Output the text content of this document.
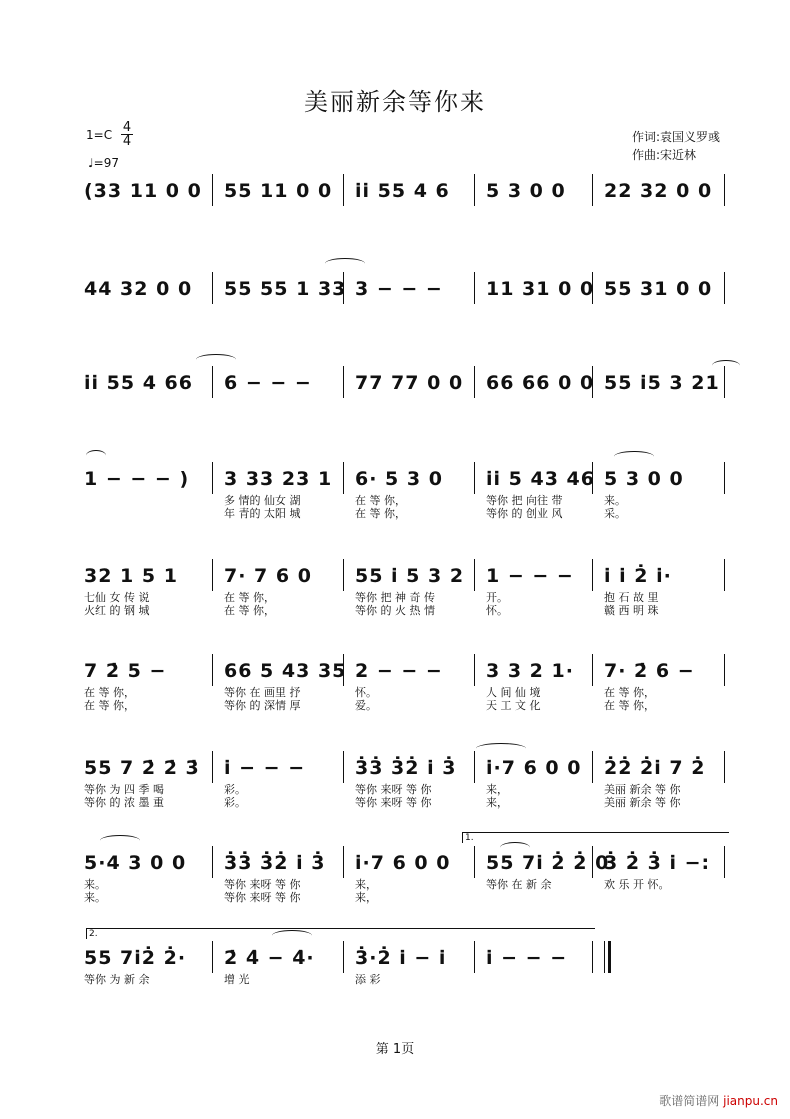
美丽新余等你来
1=C 4
4
♩=97
作词:袁国义罗彧
作曲:宋近林
(33 11 0 0 55 11 0 0 i̇i̇ 55 4 6 5 3 0 0 22 32 0 0
44 32 0 0 55 55 1 33 3 − − − 11 31 0 0 55 31 0 0
i̇i̇ 55 4 66 6 − − − 77 77 0 0 66 66 0 0 55 i̇5 3 21
1 − − − ) 3 33 23 1 6· 5 3 0 i̇i̇ 5 43 46 5 3 0 0
多 情的 仙女 湖	在 等 你，	等你 把 向往 带	来。
年 青的 太阳 城	在 等 你，	等你 的 创业 风	采。
32 1 5 1 7· 7 6 0 55 i̇ 5 3 2 1 − − − i̇ i̇ 2̇ i̇·
七仙 女 传 说	在 等 你，	等你 把 神 奇 传	开。	抱 石 故 里
火红 的 钢 城	在 等 你，	等你 的 火 热 情	怀。	赣 西 明 珠
7 2̇ 5 −	66 5 43 35 2 − − − 3 3 2 1· 7· 2̇ 6 −
在 等 你，	等你 在 画里 抒	怀。	人 间 仙 境	在 等 你，
在 等 你，	等你 的 深情 厚	爱。	天 工 文 化	在 等 你，
55 7 2̇ 2̇ 3̇ i̇ − − −	3̇3̇ 3̇2̇ i̇ 3̇ i̇·7 6 0 0 2̇2̇ 2̇i̇ 7 2̇
等你 为 四 季 喝	彩。	等你 来呀 等 你	来，	美丽 新余 等 你
等你 的 浓 墨 重	彩。	等你 来呀 等 你	来，	美丽 新余 等 你
5·4 3 0 0 3̇3̇ 3̇2̇ i̇ 3̇ i̇·7 6 0 0 55 7i̇ 2̇ 2̇ 0
3̇ 2̇ 3̇ i̇ −:
来。	等你 来呀 等 你	来，	等你 在 新 余	欢 乐 开 怀。
来。	等你 来呀 等 你	来，
55 7i̇2̇ 2̇· 2̇ 4̇ − 4̇· 3̇·2̇ i̇ − i̇ i̇ − − −
等你 为 新 余	增 光	添 彩
1.
2.
第 1页
歌谱简谱网 jianpu.cn
